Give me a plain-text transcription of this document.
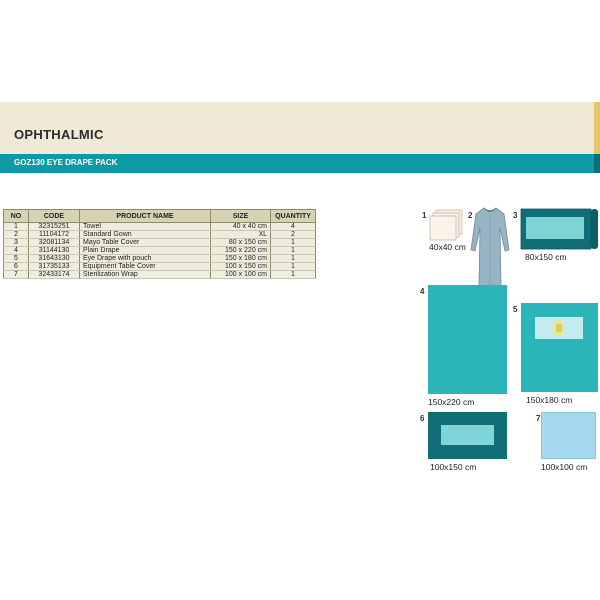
OPHTHALMIC
GOZ130 EYE DRAPE PACK
NO	CODE	PRODUCT NAME	SIZE	QUANTITY
1	32315251	Towel	40 x 40 cm	4
2	11104172	Standard Gown	XL	2
3	32081134	Mayo Table Cover	80 x 150 cm	1
4	31144130	Plain Drape	150 x 220 cm	1
5	31643130	Eye Drape with pouch	150 x 180 cm	1
6	31735133	Equipment Table Cover	100 x 150 cm	1
7	32433174	Sterilization Wrap	100 x 100 cm	1
1
40x40 cm
2	3
80x150 cm
4
150x220 cm
5
150x180 cm
6
100x150 cm
7
100x100 cm
